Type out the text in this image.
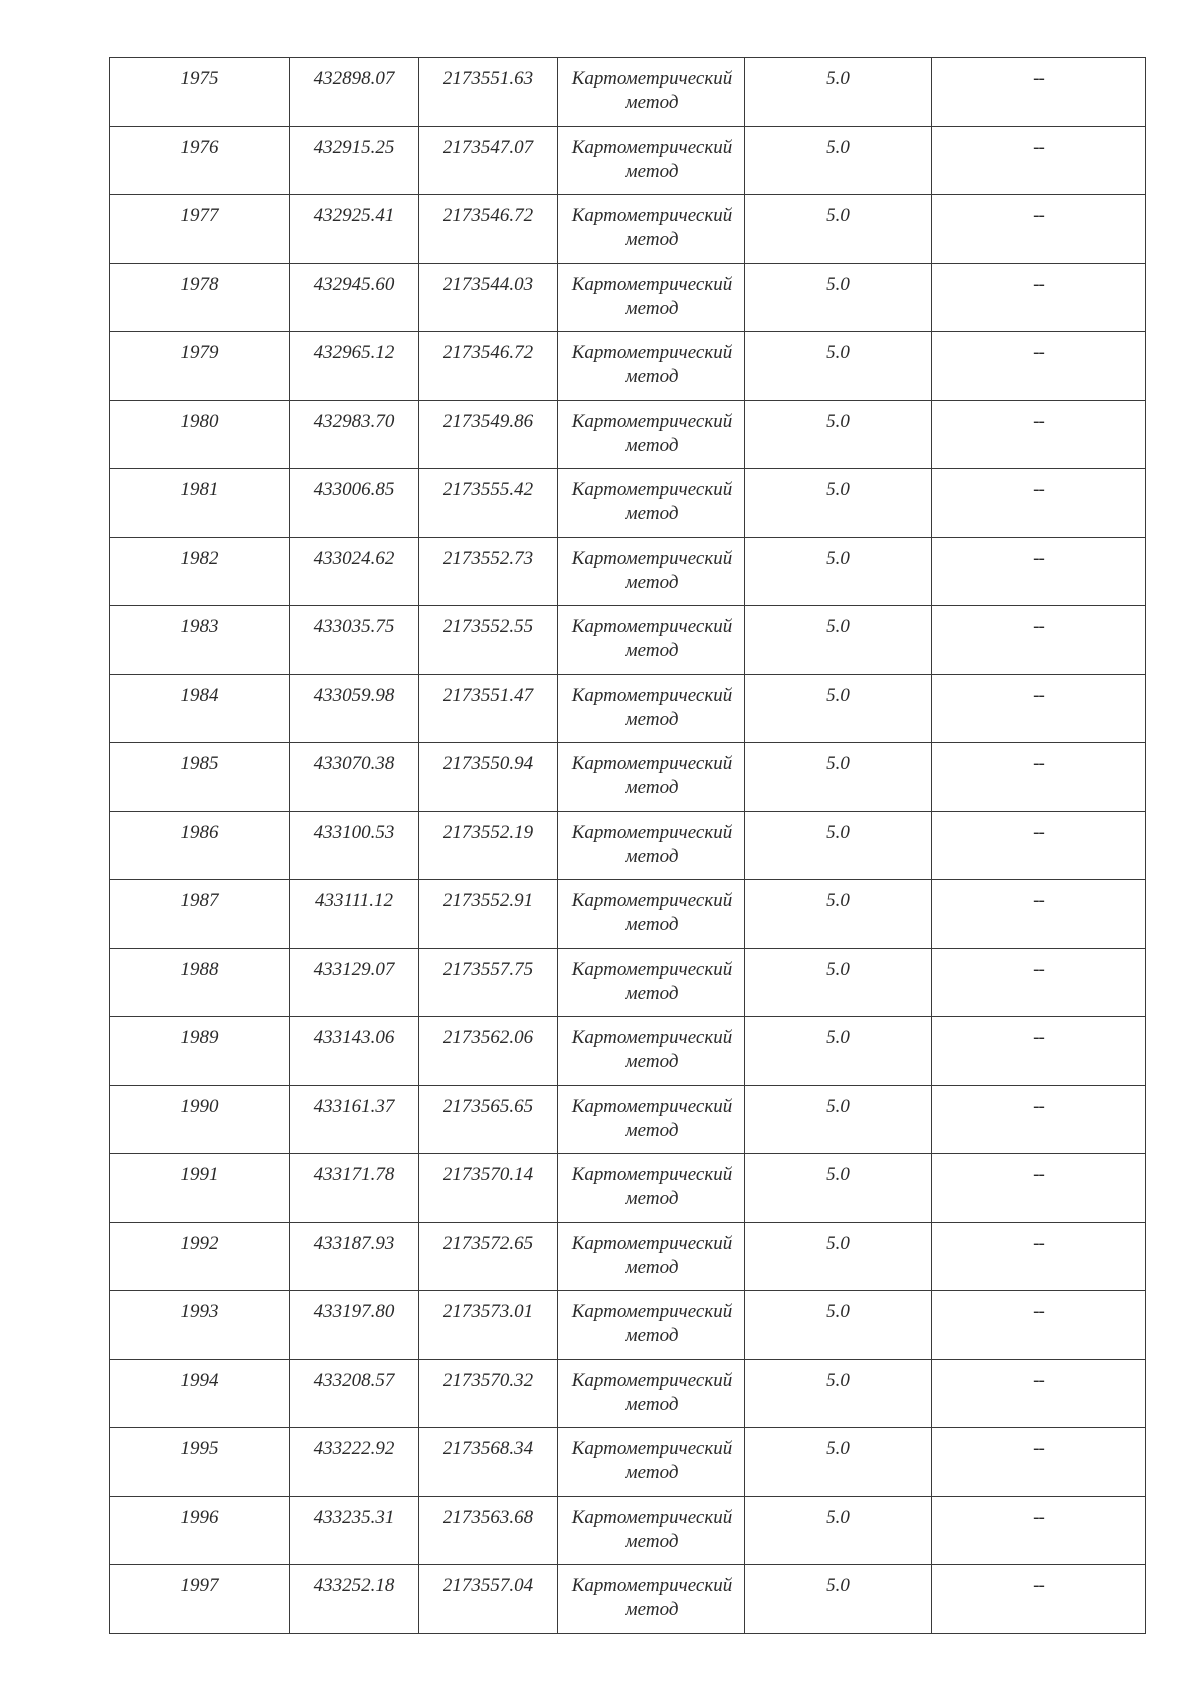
1975	432898.07	2173551.63	Картометрический метод	5.0	--

1976	432915.25	2173547.07	Картометрический метод	5.0	--

1977	432925.41	2173546.72	Картометрический метод	5.0	--

1978	432945.60	2173544.03	Картометрический метод	5.0	--

1979	432965.12	2173546.72	Картометрический метод	5.0	--

1980	432983.70	2173549.86	Картометрический метод	5.0	--

1981	433006.85	2173555.42	Картометрический метод	5.0	--

1982	433024.62	2173552.73	Картометрический метод	5.0	--

1983	433035.75	2173552.55	Картометрический метод	5.0	--

1984	433059.98	2173551.47	Картометрический метод	5.0	--

1985	433070.38	2173550.94	Картометрический метод	5.0	--

1986	433100.53	2173552.19	Картометрический метод	5.0	--

1987	433111.12	2173552.91	Картометрический метод	5.0	--

1988	433129.07	2173557.75	Картометрический метод	5.0	--

1989	433143.06	2173562.06	Картометрический метод	5.0	--

1990	433161.37	2173565.65	Картометрический метод	5.0	--

1991	433171.78	2173570.14	Картометрический метод	5.0	--

1992	433187.93	2173572.65	Картометрический метод	5.0	--

1993	433197.80	2173573.01	Картометрический метод	5.0	--

1994	433208.57	2173570.32	Картометрический метод	5.0	--

1995	433222.92	2173568.34	Картометрический метод	5.0	--

1996	433235.31	2173563.68	Картометрический метод	5.0	--

1997	433252.18	2173557.04	Картометрический метод	5.0	--
